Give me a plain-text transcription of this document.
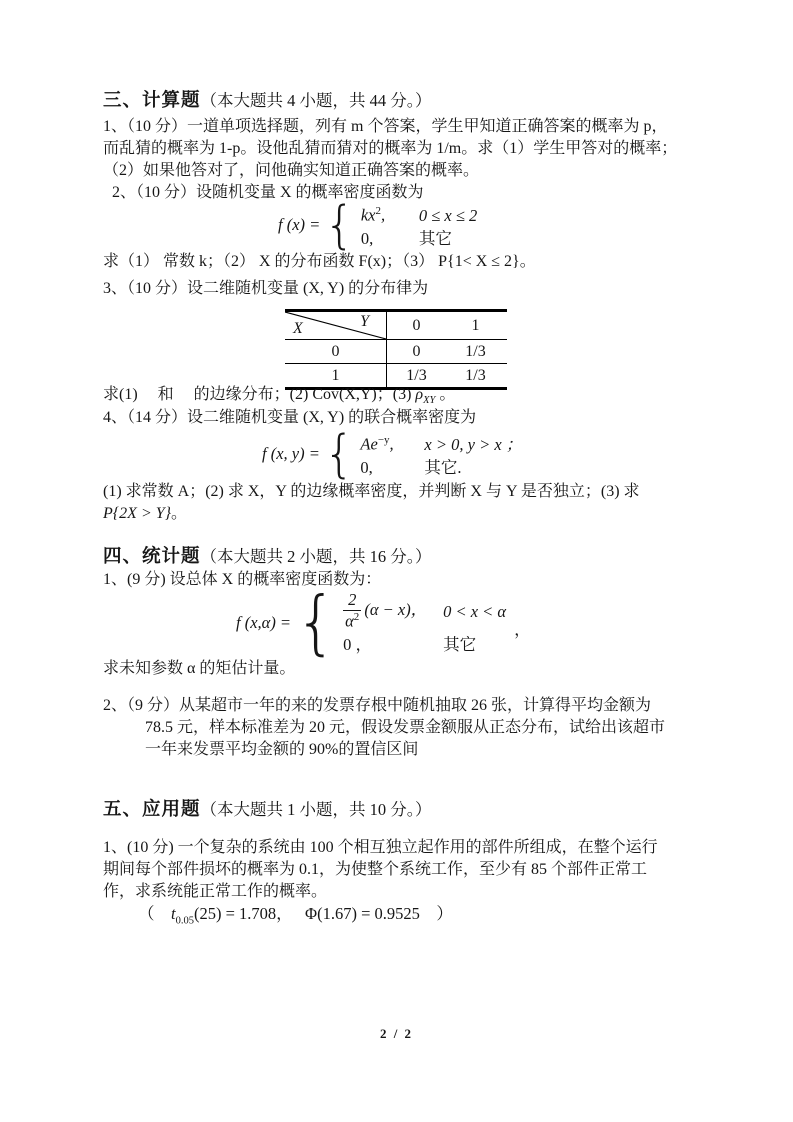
三、计算题（本大题共 4 小题，共 44 分。）
1、（10 分）一道单项选择题，列有 m 个答案，学生甲知道正确答案的概率为 p，
而乱猜的概率为 1-p。设他乱猜而猜对的概率为 1/m。求（1）学生甲答对的概率；
（2）如果他答对了，问他确实知道正确答案的概率。
2、（10 分）设随机变量 X 的概率密度函数为
f (x) = { $kx^2$,	0 ≤ x ≤ 2
0,	其它
求（1） 常数 k；（2） X 的分布函数 F(x)；（3） P{1< X ≤ 2}。
3、（10 分）设二维随机变量 (X, Y) 的分布律为
X	Y	0	1
0	0	1/3
1	1/3	1/3
求(1)　 和 　的边缘分布；(2) Cov(X,Y)；(3) $\rho_{XY}$ 。
4、（14 分）设二维随机变量 (X, Y) 的联合概率密度为
f (x, y) = { $Ae^{-y}$,	x > 0, y > x ；
0,	其它.
(1) 求常数 A；(2) 求 X，Y 的边缘概率密度，并判断 X 与 Y 是否独立；(3) 求
P{2X > Y}。
四、统计题（本大题共 2 小题，共 16 分。）
1、(9 分) 设总体 X 的概率密度函数为：
f (x,α) = { $\frac{2}{\alpha^2} (\alpha - x)$， 0 < x < α
0 ，	其它
，
求未知参数 α 的矩估计量。
2、（9 分）从某超市一年的来的发票存根中随机抽取 26 张，计算得平均金额为
78.5 元，样本标准差为 20 元，假设发票金额服从正态分布，试给出该超市
一年来发票平均金额的 90%的置信区间
五、应用题（本大题共 1 小题，共 10 分。）
1、(10 分) 一个复杂的系统由 100 个相互独立起作用的部件所组成，在整个运行
期间每个部件损坏的概率为 0.1，为使整个系统工作，至少有 85 个部件正常工
作，求系统能正常工作的概率。
（　$t_{0.05}(25) = 1.708$，　 Φ(1.67) = 0.9525　）
2 / 2
